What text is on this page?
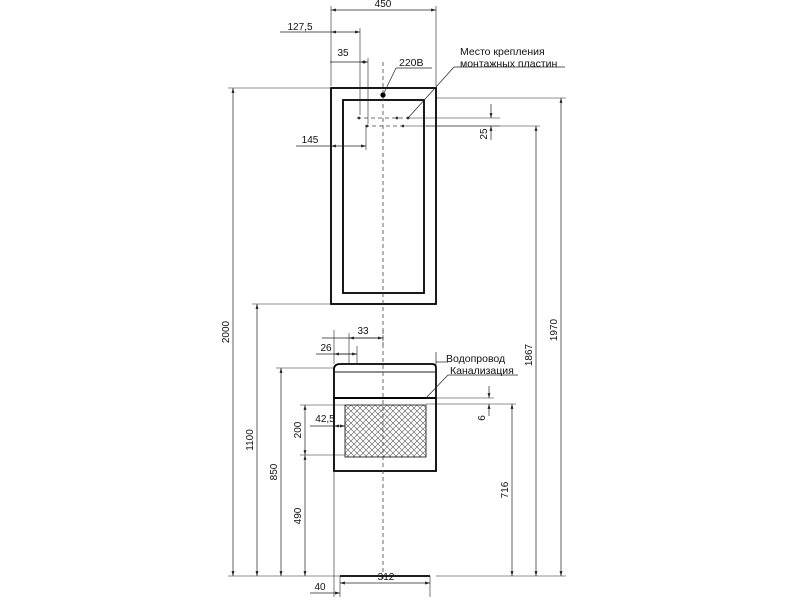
450
127,5
35
220В
Место крепления
монтажных пластин
145
25
2000
1100
850
490
200
42,5
33
26
1970
1867
716
6
Водопровод
Канализация
312
40
